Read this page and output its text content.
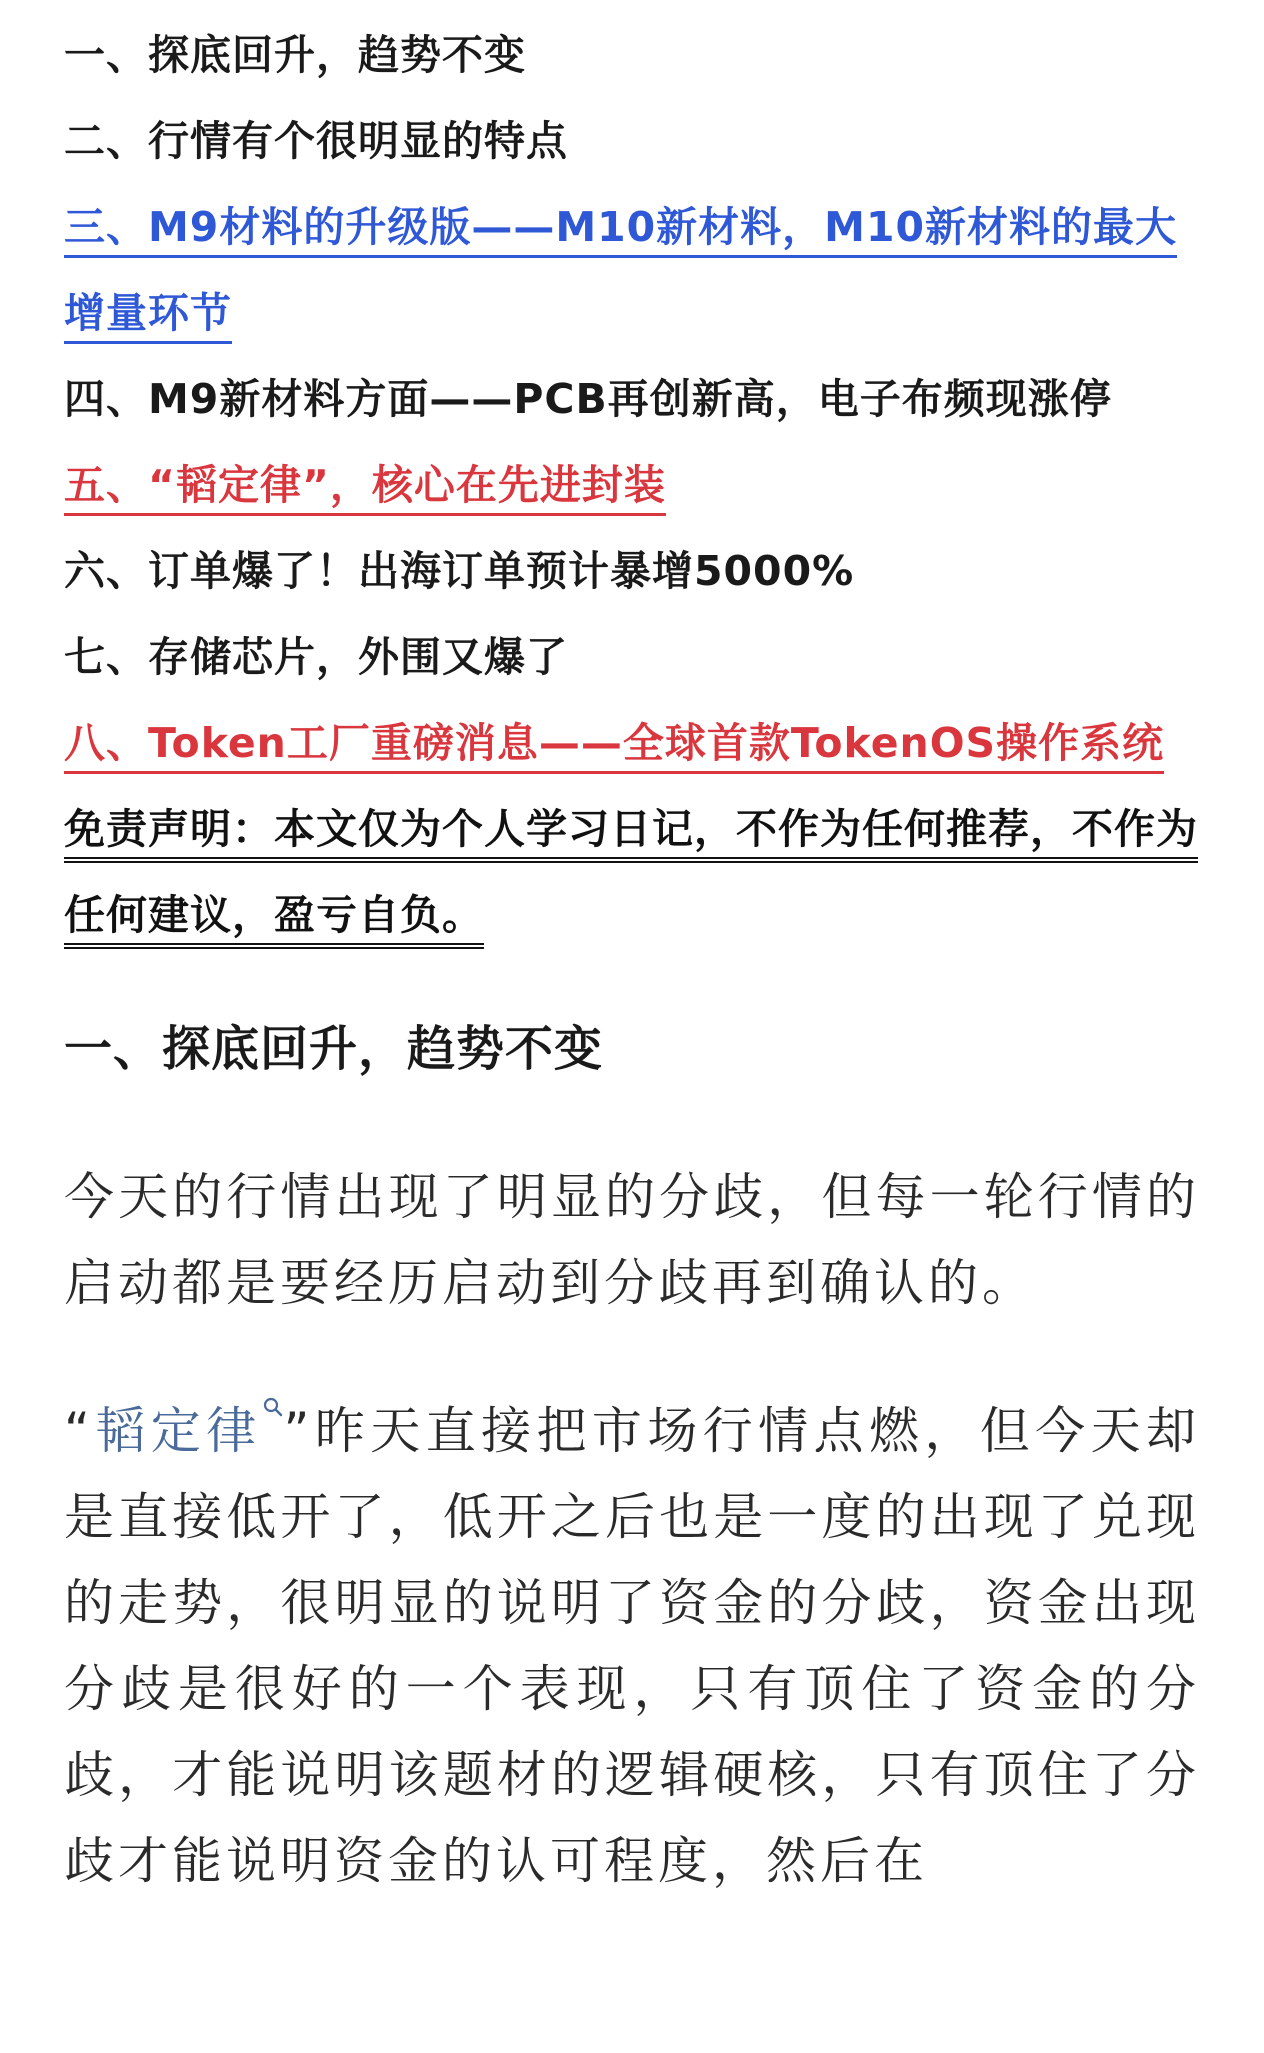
一、探底回升，趋势不变
二、行情有个很明显的特点
三、M9材料的升级版——M10新材料，M10新材料的最大增量环节
四、M9新材料方面——PCB再创新高，电子布频现涨停
五、“韬定律”，核心在先进封装
六、订单爆了！出海订单预计暴增5000%
七、存储芯片，外围又爆了
八、Token工厂重磅消息——全球首款TokenOS操作系统
免责声明：本文仅为个人学习日记，不作为任何推荐，不作为任何建议，盈亏自负。
一、探底回升，趋势不变

今天的行情出现了明显的分歧，但每一轮行情的启动都是要经历启动到分歧再到确认的。

“韬定律 ”昨天直接把市场行情点燃，但今天却是直接低开了，低开之后也是一度的出现了兑现的走势，很明显的说明了资金的分歧，资金出现分歧是很好的一个表现，只有顶住了资金的分歧，才能说明该题材的逻辑硬核，只有顶住了分歧才能说明资金的认可程度，然后在
